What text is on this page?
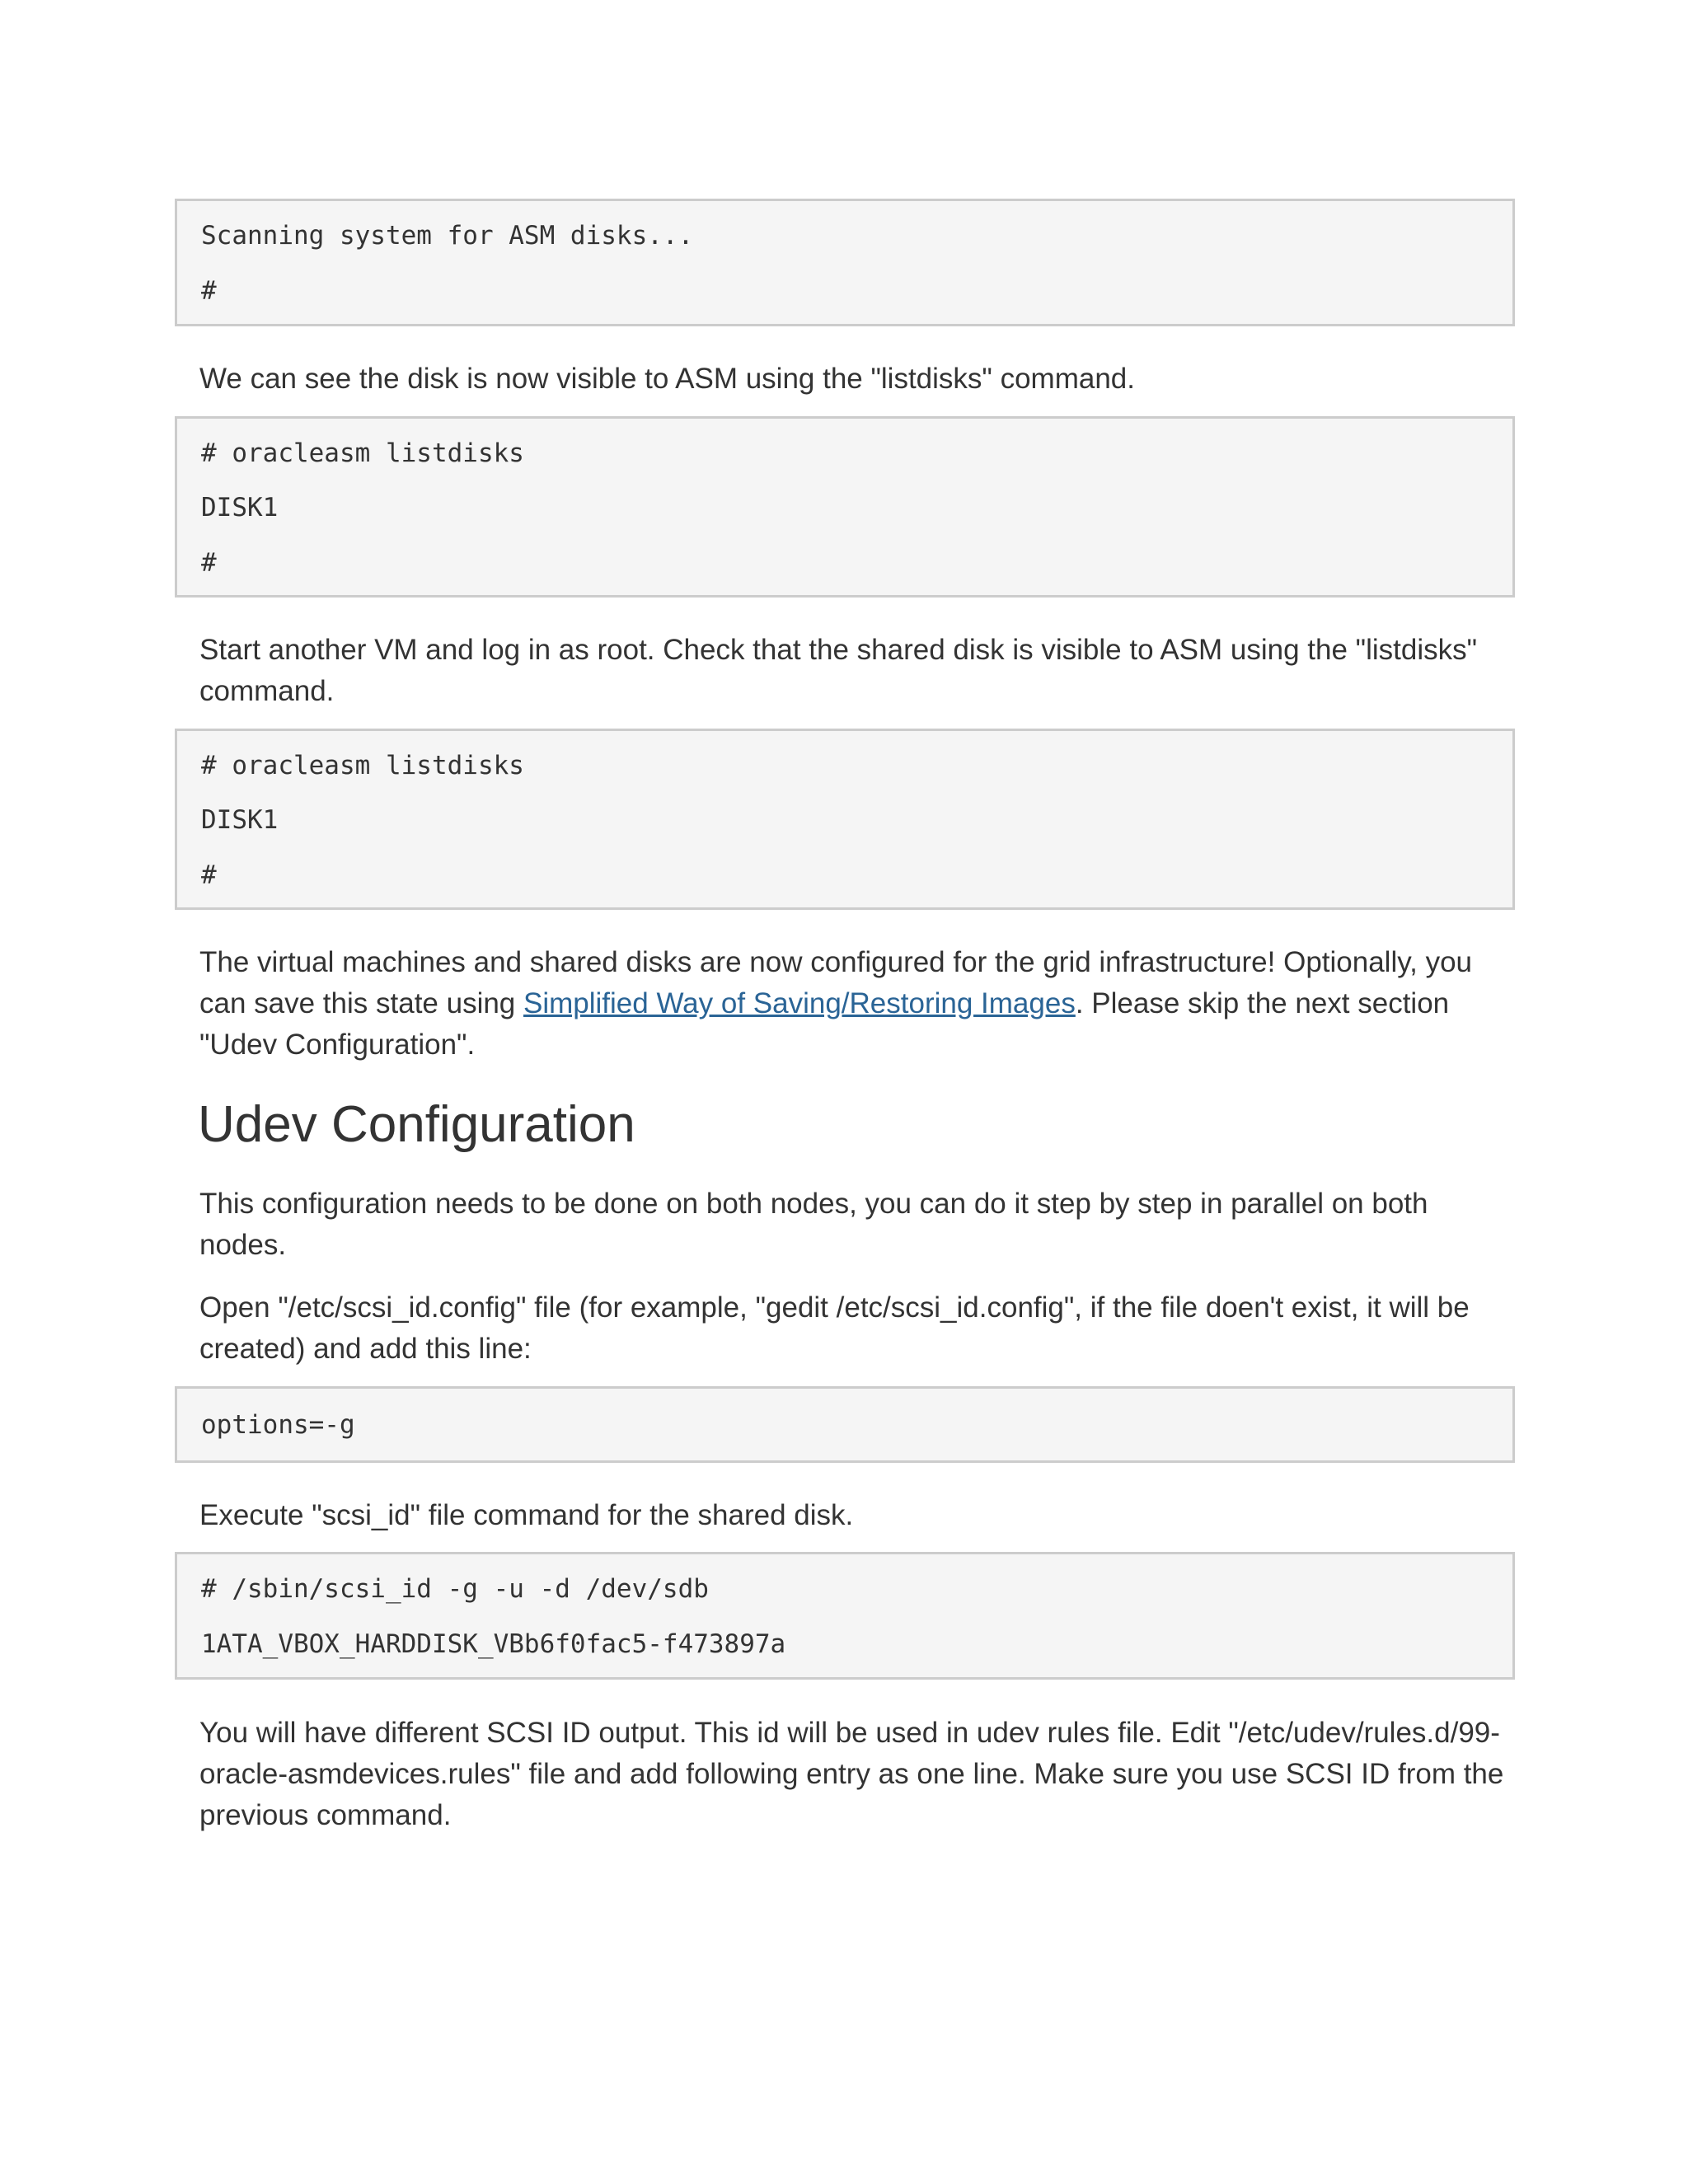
Scanning system for ASM disks...
#

We can see the disk is now visible to ASM using the "listdisks" command.

# oracleasm listdisks
DISK1
#

Start another VM and log in as root. Check that the shared disk is visible to ASM using the "listdisks" command.

# oracleasm listdisks
DISK1
#

The virtual machines and shared disks are now configured for the grid infrastructure! Optionally, you can save this state using Simplified Way of Saving/Restoring Images. Please skip the next section "Udev Configuration".

Udev Configuration

This configuration needs to be done on both nodes, you can do it step by step in parallel on both nodes.

Open "/etc/scsi_id.config" file (for example, "gedit /etc/scsi_id.config", if the file doen't exist, it will be created) and add this line:

options=-g

Execute "scsi_id" file command for the shared disk.

# /sbin/scsi_id -g -u -d /dev/sdb
1ATA_VBOX_HARDDISK_VBb6f0fac5-f473897a

You will have different SCSI ID output. This id will be used in udev rules file. Edit "/etc/udev/rules.d/99-oracle-asmdevices.rules" file and add following entry as one line. Make sure you use SCSI ID from the previous command.
